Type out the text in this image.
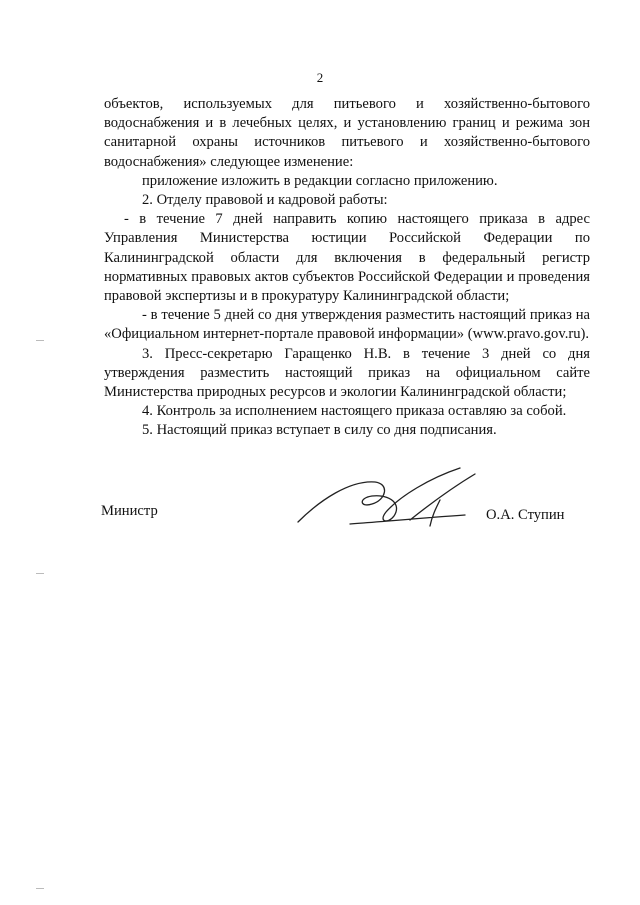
2

объектов, используемых для питьевого и хозяйственно-бытового водоснабжения и в лечебных целях, и установлению границ и режима зон санитарной охраны источников питьевого и хозяйственно-бытового водоснабжения» следующее изменение:

приложение изложить в редакции согласно приложению.

2. Отделу правовой и кадровой работы:

- в течение 7 дней направить копию настоящего приказа в адрес Управления Министерства юстиции Российской Федерации по Калининградской области для включения в федеральный регистр нормативных правовых актов субъектов Российской Федерации и проведения правовой экспертизы и в прокуратуру Калининградской области;

- в течение 5 дней со дня утверждения разместить настоящий приказ на «Официальном интернет-портале правовой информации» (www.pravo.gov.ru).

3. Пресс-секретарю Гаращенко Н.В. в течение 3 дней со дня утверждения разместить настоящий приказ на официальном сайте Министерства природных ресурсов и экологии Калининградской области;

4. Контроль за исполнением настоящего приказа оставляю за собой.

5. Настоящий приказ вступает в силу со дня подписания.

Министр	О.А. Ступин
